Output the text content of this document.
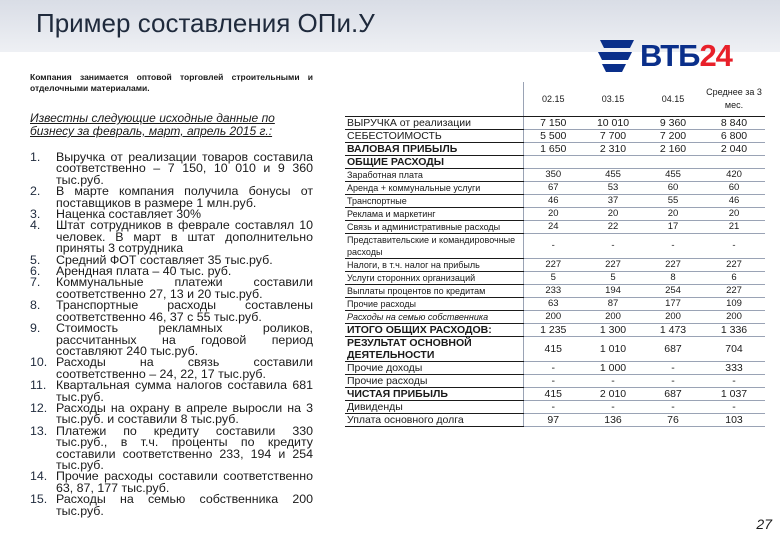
Пример составления ОПи.У
ВТБ24
Компания занимается оптовой торговлей строительными и отделочными материалами.
Известны следующие исходные данные по бизнесу за февраль, март, апрель 2015 г.:
1. Выручка от реализации товаров составила соответственно – 7 150, 10 010 и 9 360 тыс.руб.
2. В марте компания получила бонусы от поставщиков в размере 1 млн.руб.
3. Наценка составляет 30%
4. Штат сотрудников в феврале составлял 10 человек. В март в штат дополнительно приняты 3 сотрудника
5. Средний ФОТ составляет 35 тыс.руб.
6. Арендная плата – 40 тыс. руб.
7. Коммунальные платежи составили соответственно 27, 13 и 20 тыс.руб.
8. Транспортные расходы составлены соответственно 46, 37 с 55 тыс.руб.
9. Стоимость рекламных роликов, рассчитанных на годовой период составляют 240 тыс.руб.
10. Расходы на связь составили соответственно – 24, 22, 17 тыс.руб.
11. Квартальная сумма налогов составила 681 тыс.руб.
12. Расходы на охрану в апреле выросли на 3 тыс.руб. и составили 8 тыс.руб.
13. Платежи по кредиту составили 330 тыс.руб., в т.ч. проценты по кредиту составили соответственно 233, 194 и 254 тыс.руб.
14. Прочие расходы составили соответственно 63, 87, 177 тыс.руб.
15. Расходы на семью собственника 200 тыс.руб.
	02.15	03.15	04.15	Среднее за 3 мес.
ВЫРУЧКА от реализации	7 150	10 010	9 360	8 840
СЕБЕСТОИМОСТЬ	5 500	7 700	7 200	6 800
ВАЛОВАЯ ПРИБЫЛЬ	1 650	2 310	2 160	2 040
ОБЩИЕ РАСХОДЫ				
Заработная плата	350	455	455	420
Аренда + коммунальные услуги	67	53	60	60
Транспортные	46	37	55	46
Реклама и маркетинг	20	20	20	20
Связь и административные расходы	24	22	17	21
Представительские и командировочные расходы	-	-	-	-
Налоги, в т.ч. налог на прибыль	227	227	227	227
Услуги сторонних организаций	5	5	8	6
Выплаты процентов по кредитам	233	194	254	227
Прочие расходы	63	87	177	109
Расходы на семью собственника	200	200	200	200
ИТОГО ОБЩИХ РАСХОДОВ:	1 235	1 300	1 473	1 336
РЕЗУЛЬТАТ ОСНОВНОЙ ДЕЯТЕЛЬНОСТИ	415	1 010	687	704
Прочие доходы	-	1 000	-	333
Прочие расходы	-	-	-	-
ЧИСТАЯ ПРИБЫЛЬ	415	2 010	687	1 037
Дивиденды	-	-	-	-
Уплата основного долга	97	136	76	103
27
